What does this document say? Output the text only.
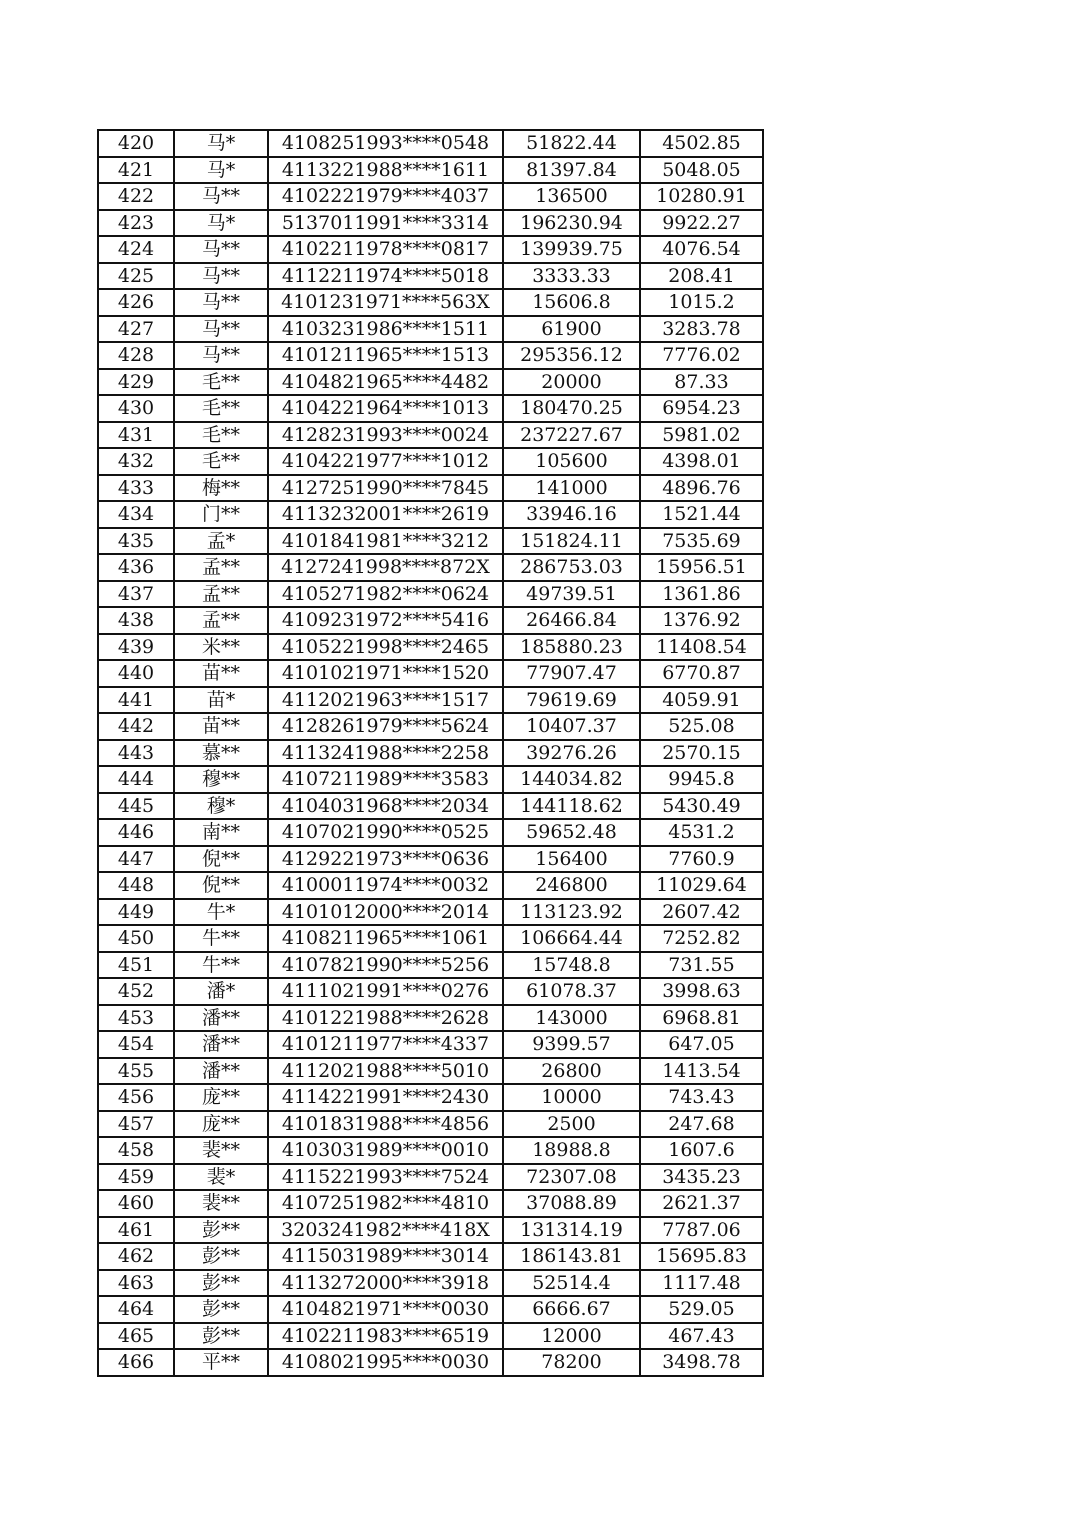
420	马*	4108251993****0548	51822.44	4502.85
421	马*	4113221988****1611	81397.84	5048.05
422	马**	4102221979****4037	136500	10280.91
423	马*	5137011991****3314	196230.94	9922.27
424	马**	4102211978****0817	139939.75	4076.54
425	马**	4112211974****5018	3333.33	208.41
426	马**	4101231971****563X	15606.8	1015.2
427	马**	4103231986****1511	61900	3283.78
428	马**	4101211965****1513	295356.12	7776.02
429	毛**	4104821965****4482	20000	87.33
430	毛**	4104221964****1013	180470.25	6954.23
431	毛**	4128231993****0024	237227.67	5981.02
432	毛**	4104221977****1012	105600	4398.01
433	梅**	4127251990****7845	141000	4896.76
434	门**	4113232001****2619	33946.16	1521.44
435	孟*	4101841981****3212	151824.11	7535.69
436	孟**	4127241998****872X	286753.03	15956.51
437	孟**	4105271982****0624	49739.51	1361.86
438	孟**	4109231972****5416	26466.84	1376.92
439	米**	4105221998****2465	185880.23	11408.54
440	苗**	4101021971****1520	77907.47	6770.87
441	苗*	4112021963****1517	79619.69	4059.91
442	苗**	4128261979****5624	10407.37	525.08
443	慕**	4113241988****2258	39276.26	2570.15
444	穆**	4107211989****3583	144034.82	9945.8
445	穆*	4104031968****2034	144118.62	5430.49
446	南**	4107021990****0525	59652.48	4531.2
447	倪**	4129221973****0636	156400	7760.9
448	倪**	4100011974****0032	246800	11029.64
449	牛*	4101012000****2014	113123.92	2607.42
450	牛**	4108211965****1061	106664.44	7252.82
451	牛**	4107821990****5256	15748.8	731.55
452	潘*	4111021991****0276	61078.37	3998.63
453	潘**	4101221988****2628	143000	6968.81
454	潘**	4101211977****4337	9399.57	647.05
455	潘**	4112021988****5010	26800	1413.54
456	庞**	4114221991****2430	10000	743.43
457	庞**	4101831988****4856	2500	247.68
458	裴**	4103031989****0010	18988.8	1607.6
459	裴*	4115221993****7524	72307.08	3435.23
460	裴**	4107251982****4810	37088.89	2621.37
461	彭**	3203241982****418X	131314.19	7787.06
462	彭**	4115031989****3014	186143.81	15695.83
463	彭**	4113272000****3918	52514.4	1117.48
464	彭**	4104821971****0030	6666.67	529.05
465	彭**	4102211983****6519	12000	467.43
466	平**	4108021995****0030	78200	3498.78
